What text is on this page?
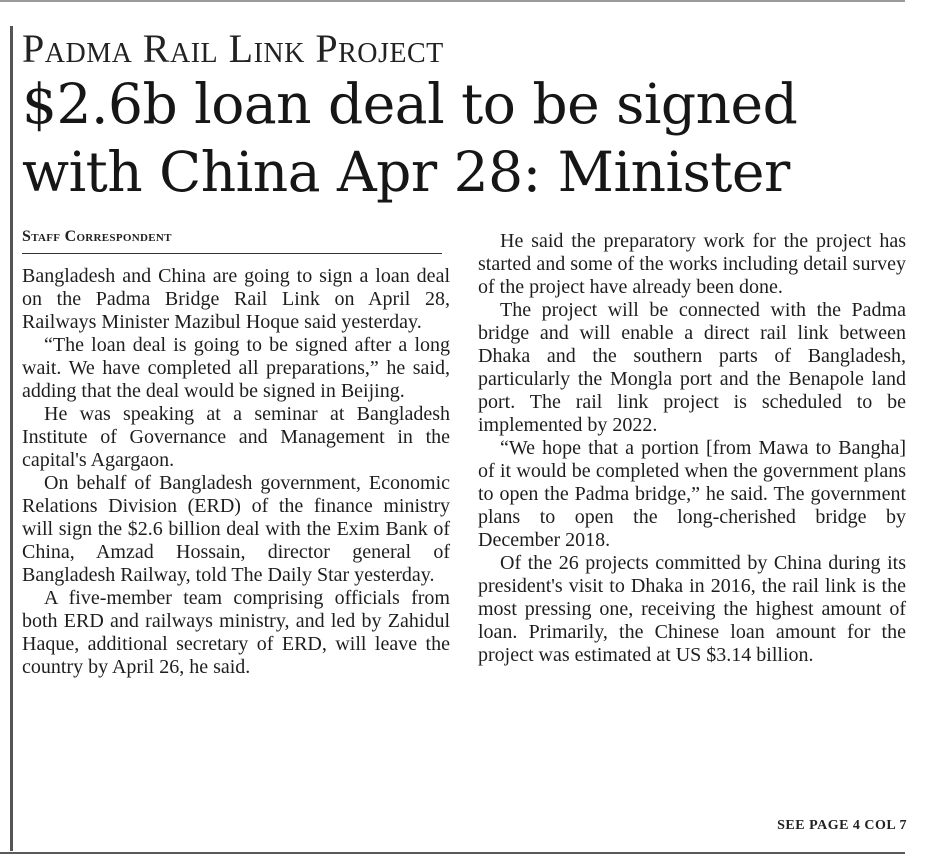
Padma Rail Link Project
$2.6b loan deal to be signed with China Apr 28: Minister
Staff Correspondent

Bangladesh and China are going to sign a loan deal on the Padma Bridge Rail Link on April 28, Railways Minister Mazibul Hoque said yesterday.

“The loan deal is going to be signed after a long wait. We have completed all preparations,” he said, adding that the deal would be signed in Beijing.

He was speaking at a seminar at Bangladesh Institute of Governance and Management in the capital's Agargaon.

On behalf of Bangladesh government, Economic Relations Division (ERD) of the finance ministry will sign the $2.6 billion deal with the Exim Bank of China, Amzad Hossain, director general of Bangladesh Railway, told The Daily Star yesterday.

A five-member team comprising officials from both ERD and railways ministry, and led by Zahidul Haque, additional secretary of ERD, will leave the country by April 26, he said.

He said the preparatory work for the project has started and some of the works including detail survey of the project have already been done.

The project will be connected with the Padma bridge and will enable a direct rail link between Dhaka and the southern parts of Bangladesh, particularly the Mongla port and the Benapole land port. The rail link project is scheduled to be implemented by 2022.

“We hope that a portion [from Mawa to Bangha] of it would be completed when the government plans to open the Padma bridge,” he said. The government plans to open the long-cherished bridge by December 2018.

Of the 26 projects committed by China during its president's visit to Dhaka in 2016, the rail link is the most pressing one, receiving the highest amount of loan. Primarily, the Chinese loan amount for the project was estimated at US $3.14 billion.

SEE PAGE 4 COL 7
